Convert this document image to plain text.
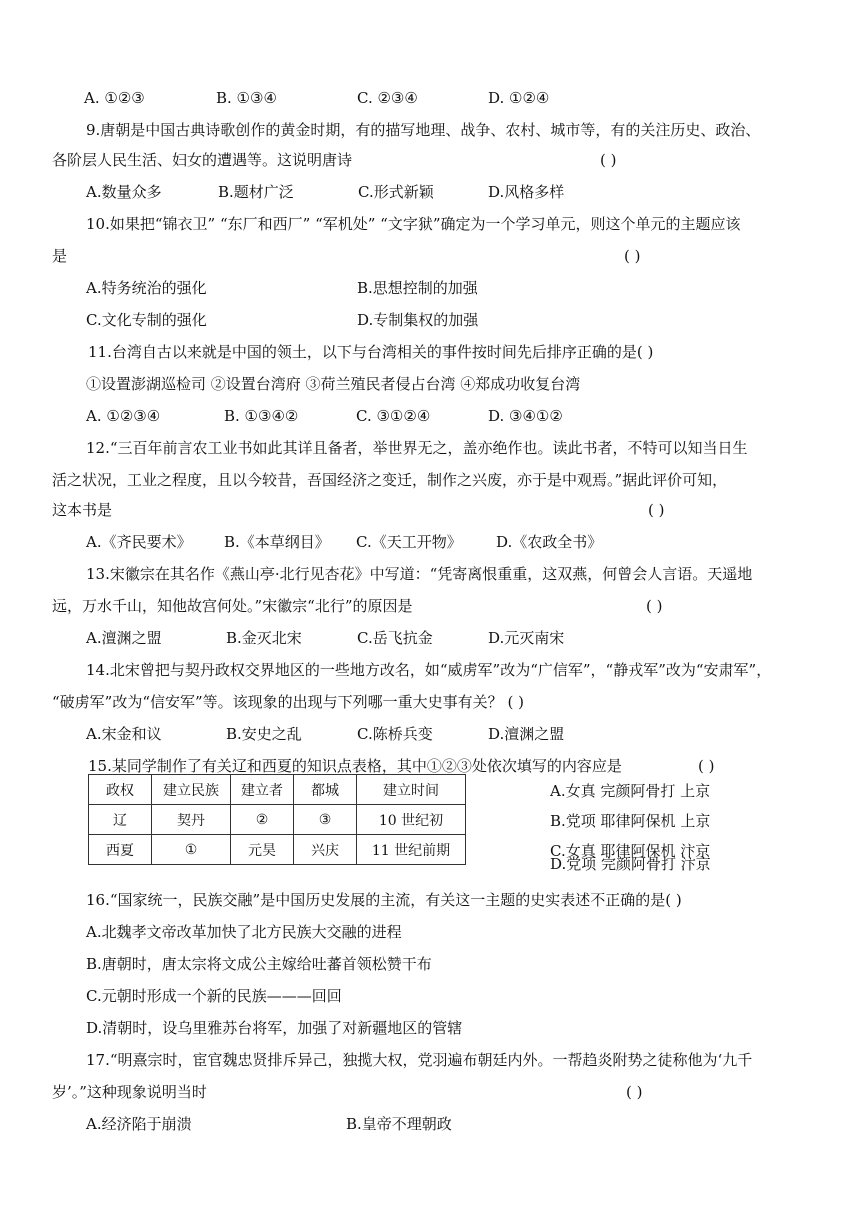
A. ①②③	B. ①③④	C. ②③④	D. ①②④
9.唐朝是中国古典诗歌创作的黄金时期，有的描写地理、战争、农村、城市等，有的关注历史、政治、
各阶层人民生活、妇女的遭遇等。这说明唐诗	( )
A.数量众多	B.题材广泛	C.形式新颖	D.风格多样
10.如果把“锦衣卫” “东厂和西厂” “军机处” “文字狱”确定为一个学习单元，则这个单元的主题应该
是	( )
A.特务统治的强化	B.思想控制的加强
C.文化专制的强化	D.专制集权的加强
11.台湾自古以来就是中国的领土，以下与台湾相关的事件按时间先后排序正确的是( )
①设置澎湖巡检司 ②设置台湾府 ③荷兰殖民者侵占台湾 ④郑成功收复台湾
A. ①②③④	B. ①③④②	C. ③①②④	D. ③④①②
12.“三百年前言农工业书如此其详且备者，举世界无之，盖亦绝作也。读此书者，不特可以知当日生
活之状况，工业之程度，且以今较昔，吾国经济之变迁，制作之兴废，亦于是中观焉。”据此评价可知，
这本书是	( )
A.《齐民要术》 B.《本草纲目》 C.《天工开物》 D.《农政全书》
13.宋徽宗在其名作《燕山亭·北行见杏花》中写道：“凭寄离恨重重，这双燕，何曾会人言语。天遥地
远，万水千山，知他故宫何处。”宋徽宗“北行”的原因是	( )
A.澶渊之盟	B.金灭北宋	C.岳飞抗金	D.元灭南宋
14.北宋曾把与契丹政权交界地区的一些地方改名，如“威虏军”改为“广信军”，“静戎军”改为“安肃军”，
“破虏军”改为“信安军”等。该现象的出现与下列哪一重大史事有关？ ( )
A.宋金和议	B.安史之乱	C.陈桥兵变	D.澶渊之盟
15.某同学制作了有关辽和西夏的知识点表格，其中①②③处依次填写的内容应是	( )
政权	建立民族	建立者	都城	建立时间
辽	契丹	②	③	10 世纪初
西夏	①	元昊	兴庆	11 世纪前期
A.女真 完颜阿骨打 上京
B.党项 耶律阿保机 上京
C.女真 耶律阿保机 汴京
D.党项 完颜阿骨打 汴京
16.“国家统一，民族交融”是中国历史发展的主流，有关这一主题的史实表述不正确的是( )
A.北魏孝文帝改革加快了北方民族大交融的进程
B.唐朝时，唐太宗将文成公主嫁给吐蕃首领松赞干布
C.元朝时形成一个新的民族———回回
D.清朝时，设乌里雅苏台将军，加强了对新疆地区的管辖
17.“明熹宗时，宦官魏忠贤排斥异己，独揽大权，党羽遍布朝廷内外。一帮趋炎附势之徒称他为‘九千
岁’。”这种现象说明当时	( )
A.经济陷于崩溃	B.皇帝不理朝政
